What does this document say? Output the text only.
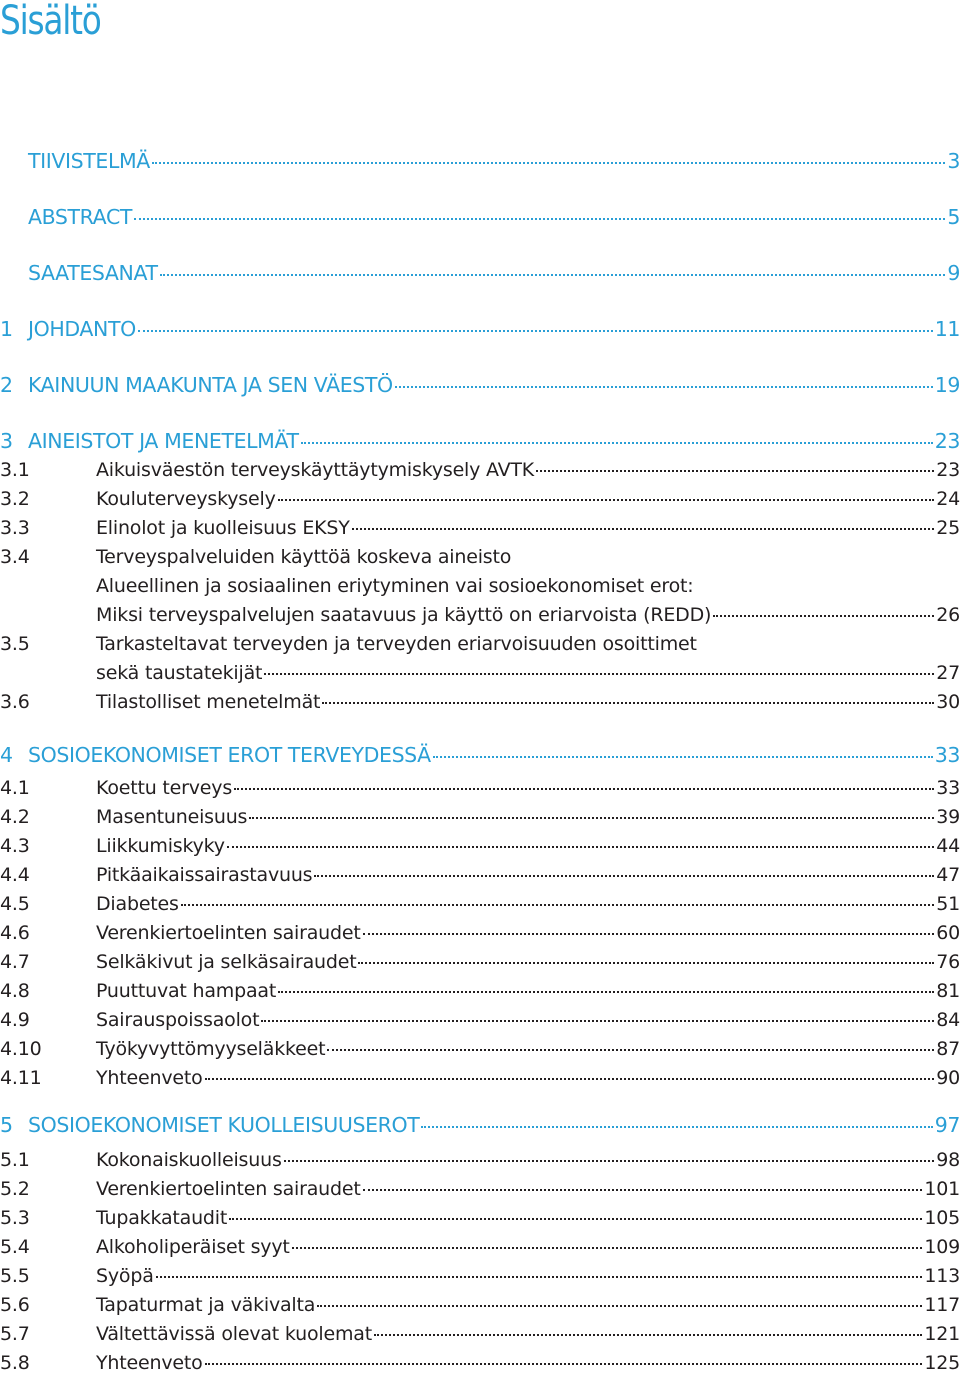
Sisältö
TIIVISTELMÄ	3
ABSTRACT	5
SAATESANAT	9
1 JOHDANTO	11
2 KAINUUN MAAKUNTA JA SEN VÄESTÖ	19
3 AINEISTOT JA MENETELMÄT	23
3.1	Aikuisväestön terveyskäyttäytymiskysely AVTK	23
3.2	Kouluterveyskysely	24
3.3	Elinolot ja kuolleisuus EKSY	25
3.4	Terveyspalveluiden käyttöä koskeva aineisto
Alueellinen ja sosiaalinen eriytyminen vai sosioekonomiset erot:
Miksi terveyspalvelujen saatavuus ja käyttö on eriarvoista (REDD)	26
3.5	Tarkasteltavat terveyden ja terveyden eriarvoisuuden osoittimet
sekä taustatekijät	27
3.6	Tilastolliset menetelmät	30
4 SOSIOEKONOMISET EROT TERVEYDESSÄ	33
4.1	Koettu terveys	33
4.2	Masentuneisuus	39
4.3	Liikkumiskyky	44
4.4	Pitkäaikaissairastavuus	47
4.5	Diabetes	51
4.6	Verenkiertoelinten sairaudet	60
4.7	Selkäkivut ja selkäsairaudet	76
4.8	Puuttuvat hampaat	81
4.9	Sairauspoissaolot	84
4.10	Työkyvyttömyyseläkkeet	87
4.11	Yhteenveto	90
5 SOSIOEKONOMISET KUOLLEISUUSEROT	97
5.1	Kokonaiskuolleisuus	98
5.2	Verenkiertoelinten sairaudet	101
5.3	Tupakkataudit	105
5.4	Alkoholiperäiset syyt	109
5.5	Syöpä	113
5.6	Tapaturmat ja väkivalta	117
5.7	Vältettävissä olevat kuolemat	121
5.8	Yhteenveto	125
